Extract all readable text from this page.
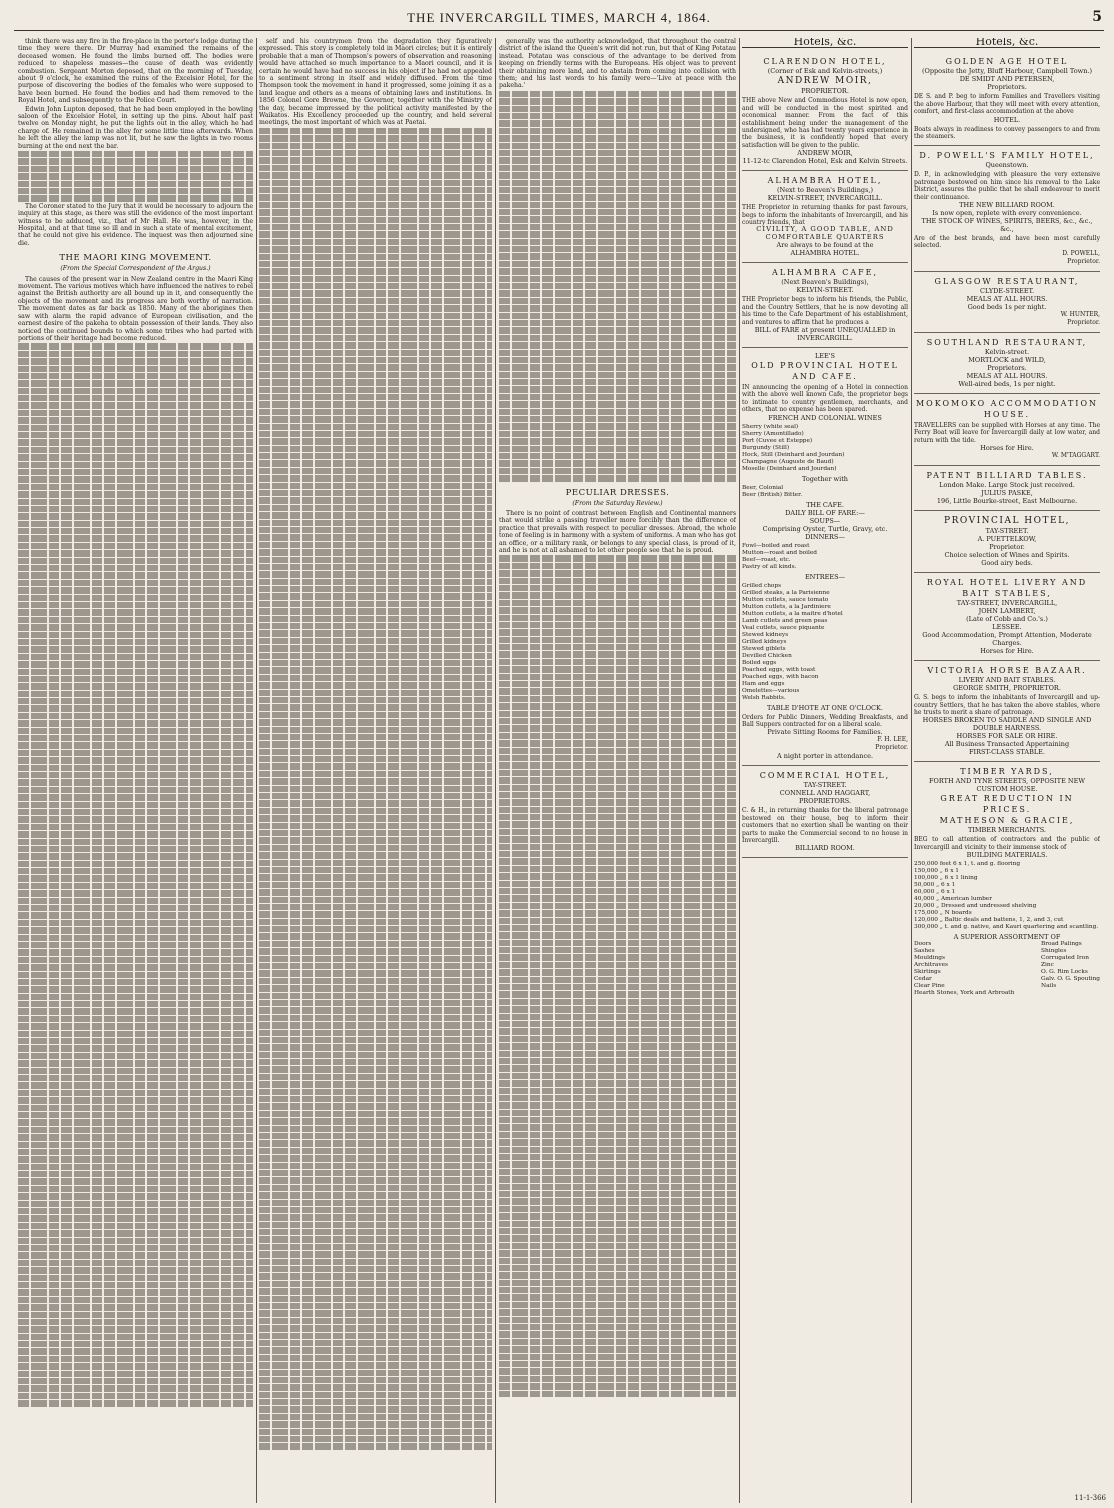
THE INVERCARGILL TIMES, MARCH 4, 1864.	5

think there was any fire in the fire-place in the porter's lodge during the time they were there. Dr Murray had examined the remains of the deceased women. He found the limbs burned off. The bodies were reduced to shapeless masses—the cause of death was evidently combustion. Sergeant Morton deposed, that on the morning of Tuesday, about 9 o'clock, he examined the ruins of the Excelsior Hotel, for the purpose of discovering the bodies of the females who were supposed to have been burned. He found the bodies and had them removed to the Royal Hotel, and subsequently to the Police Court.

Edwin John Lupton deposed, that he had been employed in the bowling saloon of the Excelsior Hotel, in setting up the pins. About half past twelve on Monday night, he put the lights out in the alley, which he had charge of. He remained in the alley for some little time afterwards. When he left the alley the lamp was not lit, but he saw the lights in two rooms burning at the end next the bar.

The Coroner stated to the Jury that it would be necessary to adjourn the inquiry at this stage, as there was still the evidence of the most important witness to be adduced, viz., that of Mr Hall. He was, however, in the Hospital, and at that time so ill and in such a state of mental excitement, that he could not give his evidence. The inquest was then adjourned sine die.

THE MAORI KING MOVEMENT.
(From the Special Correspondent of the Argus.)

The causes of the present war in New Zealand centre in the Maori King movement. The various motives which have influenced the natives to rebel against the British authority are all bound up in it, and consequently the objects of the movement and its progress are both worthy of narration. The movement dates as far back as 1850. Many of the aborigines then saw with alarm the rapid advance of European civilisation, and the earnest desire of the pakeha to obtain possession of their lands. They also noticed the continued bounds to which some tribes who had parted with portions of their heritage had become reduced.

self and his countrymen from the degradation they figuratively expressed. This story is completely told in Maori circles; but it is entirely probable that a man of Thompson's powers of observation and reasoning would have attached so much importance to a Maori council, and it is certain he would have had no success in his object if he had not appealed to a sentiment strong in itself and widely diffused. From the time Thompson took the movement in hand it progressed, some joining it as a land league and others as a means of obtaining laws and institutions. In 1856 Colonel Gore Browne, the Governor, together with the Ministry of the day, became impressed by the political activity manifested by the Waikatos. His Excellency proceeded up the country, and held several meetings, the most important of which was at Paetai.

generally was the authority acknowledged, that throughout the central district of the island the Queen's writ did not run, but that of King Potatau instead. Potatau was conscious of the advantage to be derived from keeping on friendly terms with the Europeans. His object was to prevent their obtaining more land, and to abstain from coming into collision with them; and his last words to his family were—'Live at peace with the pakeha.'

PECULIAR DRESSES.
(From the Saturday Review.)

There is no point of contrast between English and Continental manners that would strike a passing traveller more forcibly than the difference of practice that prevails with respect to peculiar dresses. Abroad, the whole tone of feeling is in harmony with a system of uniforms. A man who has got an office, or a military rank, or belongs to any special class, is proud of it, and he is not at all ashamed to let other people see that he is proud.

Hotels, &c.
CLARENDON HOTEL,
(Corner of Esk and Kelvin-streets,)
ANDREW MOIR,
PROPRIETOR.
THE above New and Commodious Hotel is now open, and will be conducted in the most spirited and economical manner. From the fact of this establishment being under the management of the undersigned, who has had twenty years experience in the business, it is confidently hoped that every satisfaction will be given to the public.
ANDREW MOIR,
11-12-tc Clarendon Hotel, Esk and Kelvin Streets.
ALHAMBRA HOTEL,
(Next to Beaven's Buildings,)
KELVIN-STREET, INVERCARGILL.
THE Proprietor in returning thanks for past favours, begs to inform the inhabitants of Invercargill, and his country friends, that
CIVILITY, A GOOD TABLE, AND COMFORTABLE QUARTERS
Are always to be found at the
ALHAMBRA HOTEL.
ALHAMBRA CAFE,
(Next Beaven's Buildings),
KELVIN-STREET.
THE Proprietor begs to inform his friends, the Public, and the Country Settlers, that he is now devoting all his time to the Cafe Department of his establishment, and ventures to affirm that he produces a
BILL of FARE at present UNEQUALLED in INVERCARGILL.
LEE'S
OLD PROVINCIAL HOTEL AND CAFE.
IN announcing the opening of a Hotel in connection with the above well known Cafe, the proprietor begs to intimate to country gentlemen, merchants, and others, that no expense has been spared.
FRENCH AND COLONIAL WINES
Sherry (white seal)
Sherry (Amontillado)
Port (Cuvee et Esteppe)
Burgundy (Still)
Hock, Still (Deinhard and Jourdan)
Champagne (Auguste de Baud)
Moselle (Deinhard and Jourdan)
Together with
Beer, Colonial
Beer (British) Bitter.
THE CAFE.
DAILY BILL OF FARE:—
SOUPS—
Comprising Oyster, Turtle, Gravy, etc.
DINNERS—
Fowl—boiled and roast
Mutton—roast and boiled
Beef—roast, etc.
Pastry of all kinds.
ENTREES—
Grilled chops
Grilled steaks, a la Parisienne
Mutton cutlets, sauce tomato
Mutton cutlets, a la Jardiniere
Mutton cutlets, a la maitre d'hotel
Lamb cutlets and green peas
Veal cutlets, sauce piquante
Stewed kidneys
Grilled kidneys
Stewed giblets
Devilled Chicken
Boiled eggs
Poached eggs, with toast
Poached eggs, with bacon
Ham and eggs
Omelettes—various
Welsh Rabbits.
TABLE D'HOTE AT ONE O'CLOCK.
Orders for Public Dinners, Wedding Breakfasts, and Ball Suppers contracted for on a liberal scale.
Private Sitting Rooms for Families.
F. H. LEE,
Proprietor.
A night porter in attendance.
COMMERCIAL HOTEL,
TAY-STREET.
CONNELL AND HAGGART,
PROPRIETORS.
C. & H., in returning thanks for the liberal patronage bestowed on their house, beg to inform their customers that no exertion shall be wanting on their parts to make the Commercial second to no house in Invercargill.
BILLIARD ROOM.
Hotels, &c.
GOLDEN AGE HOTEL
(Opposite the Jetty, Bluff Harbour, Campbell Town.)
DE SMIDT AND PETERSEN,
Proprietors.
DE S. and P. beg to inform Families and Travellers visiting the above Harbour, that they will meet with every attention, comfort, and first-class accommodation at the above
HOTEL.
Boats always in readiness to convey passengers to and from the steamers.
D. POWELL'S FAMILY HOTEL,
Queenstown.
D. P., in acknowledging with pleasure the very extensive patronage bestowed on him since his removal to the Lake District, assures the public that he shall endeavour to merit their continuance.
THE NEW BILLIARD ROOM.
Is now open, replete with every convenience.
THE STOCK OF WINES, SPIRITS, BEERS, &c., &c., &c.,
Are of the best brands, and have been most carefully selected.
D. POWELL,
Proprietor.
GLASGOW RESTAURANT,
CLYDE-STREET.
MEALS AT ALL HOURS.
Good beds 1s per night.
W. HUNTER,
Proprietor.
SOUTHLAND RESTAURANT,
Kelvin-street.
MORTLOCK and WILD,
Proprietors.
MEALS AT ALL HOURS.
Well-aired beds, 1s per night.
MOKOMOKO ACCOMMODATION HOUSE.
TRAVELLERS can be supplied with Horses at any time. The Ferry Boat will leave for Invercargill daily at low water, and return with the tide.
Horses for Hire.
W. M'TAGGART.
PATENT BILLIARD TABLES.
London Make. Large Stock just received.
JULIUS PASKE,
196, Little Bourke-street, East Melbourne.
PROVINCIAL HOTEL,
TAY-STREET.
A. PUETTELKOW,
Proprietor.
Choice selection of Wines and Spirits.
Good airy beds.
ROYAL HOTEL LIVERY AND BAIT STABLES,
TAY-STREET, INVERCARGILL,
JOHN LAMBERT,
(Late of Cobb and Co.'s.)
LESSEE.
Good Accommodation, Prompt Attention, Moderate Charges.
Horses for Hire.
VICTORIA HORSE BAZAAR.
LIVERY AND BAIT STABLES.
GEORGE SMITH, PROPRIETOR.
G. S. begs to inform the inhabitants of Invercargill and up-country Settlers, that he has taken the above stables, where he trusts to merit a share of patronage.
HORSES BROKEN TO SADDLE AND SINGLE AND DOUBLE HARNESS.
HORSES FOR SALE OR HIRE.
All Business Transacted Appertaining
FIRST-CLASS STABLE.
TIMBER YARDS,
FORTH AND TYNE STREETS, OPPOSITE NEW CUSTOM HOUSE.
GREAT REDUCTION IN PRICES.
MATHESON & GRACIE,
TIMBER MERCHANTS.
BEG to call attention of contractors and the public of Invercargill and vicinity to their immense stock of
BUILDING MATERIALS.
250,000 feet 6 x 1, t. and g. flooring
150,000 „ 6 x 1
100,000 „ 6 x 1 lining
50,000 „ 6 x 1
60,000 „ 6 x 1
40,000 „ American lumber
20,000 „ Dressed and undressed shelving
175,000 „ N boards
120,000 „ Baltic deals and battens, 1, 2, and 3, cut
300,000 „ t. and g. native, and Kauri quartering and scantling.
A SUPERIOR ASSORTMENT OF
Doors
Sashes
Mouldings
Architraves
Skirtings
Cedar
Clear Pine
Hearth Stones, York and Arbroath
Broad Palings
Shingles
Corrugated Iron
Zinc
O. G. Rim Locks
Galv. O. G. Spouting
Nails
11-1-366
